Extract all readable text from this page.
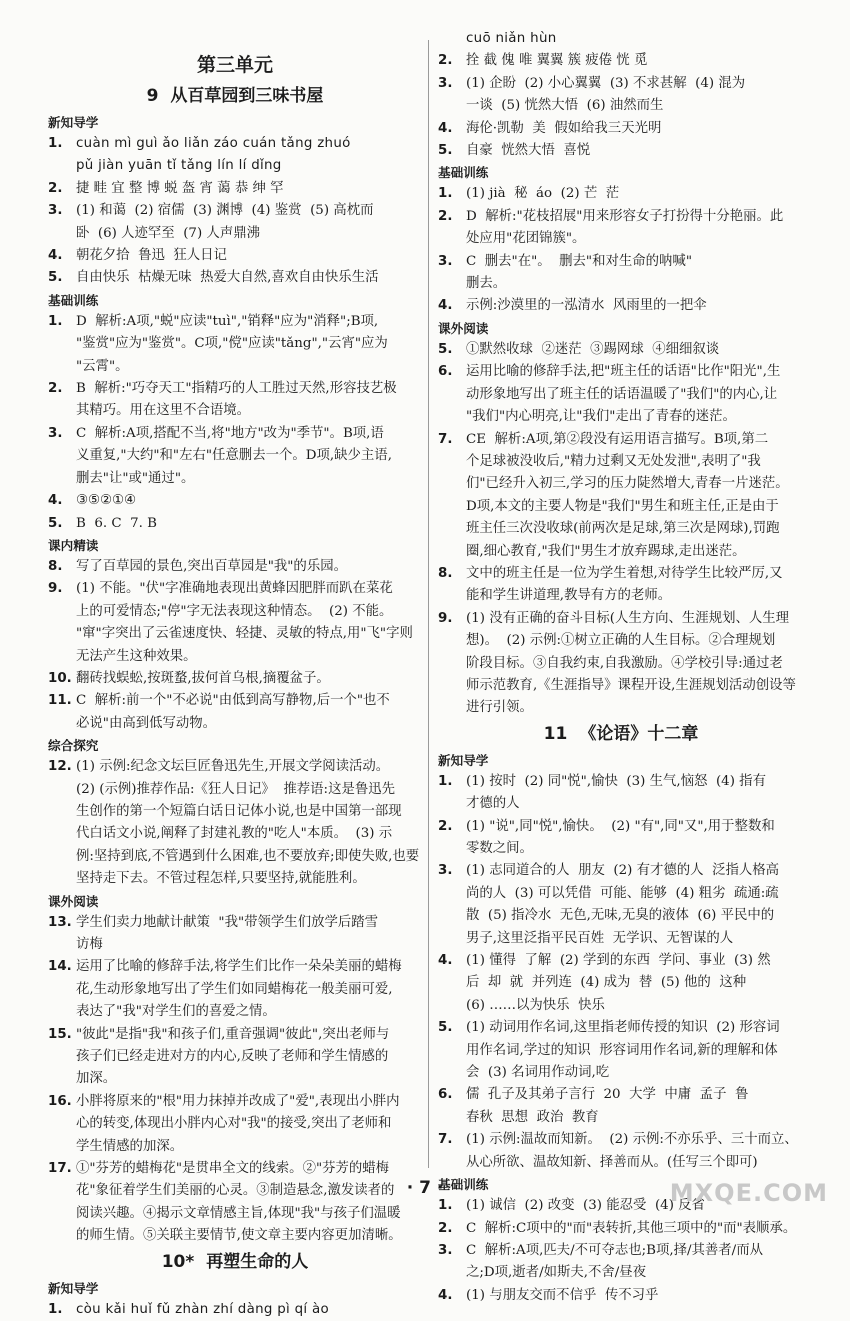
第三单元
9 从百草园到三味书屋
新知导学
1.	cuàn mì guì ǎo liǎn záo cuán tǎng zhuó
pǔ jiàn yuān tǐ tǎng lín lí dǐng
2.	捷 畦 宜 整 博 蜕 盔 宵 蔼 恭 绅 罕
3.	(1) 和蔼  (2) 宿儒  (3) 渊博  (4) 鉴赏  (5) 高枕而
卧  (6) 人迹罕至  (7) 人声鼎沸
4.	朝花夕拾  鲁迅  狂人日记
5.	自由快乐  枯燥无味  热爱大自然,喜欢自由快乐生活
基础训练
1.	D  解析:A项,"蜕"应读"tuì","销释"应为"消释";B项,
"鉴赏"应为"鉴赏"。C项,"傥"应读"tǎng","云宵"应为
"云霄"。
2.	B  解析:"巧夺天工"指精巧的人工胜过天然,形容技艺极
其精巧。用在这里不合语境。
3.	C  解析:A项,搭配不当,将"地方"改为"季节"。B项,语
义重复,"大约"和"左右"任意删去一个。D项,缺少主语,
删去"让"或"通过"。
4.	③⑤②①④
5.	B  6. C  7. B
课内精读
8.	写了百草园的景色,突出百草园是"我"的乐园。
9.	(1) 不能。"伏"字准确地表现出黄蜂因肥胖而趴在菜花
上的可爱情态;"停"字无法表现这种情态。  (2) 不能。
"窜"字突出了云雀速度快、轻捷、灵敏的特点,用"飞"字则
无法产生这种效果。
10. 翻砖找蜈蚣,按斑蝥,拔何首乌根,摘覆盆子。
11. C  解析:前一个"不必说"由低到高写静物,后一个"也不
必说"由高到低写动物。
综合探究
12. (1) 示例:纪念文坛巨匠鲁迅先生,开展文学阅读活动。
(2) (示例)推荐作品:《狂人日记》  推荐语:这是鲁迅先
生创作的第一个短篇白话日记体小说,也是中国第一部现
代白话文小说,阐释了封建礼教的"吃人"本质。  (3) 示
例:坚持到底,不管遇到什么困难,也不要放弃;即使失败,也要
坚持走下去。不管过程怎样,只要坚持,就能胜利。
课外阅读
13. 学生们卖力地献计献策  "我"带领学生们放学后踏雪
访梅
14. 运用了比喻的修辞手法,将学生们比作一朵朵美丽的蜡梅
花,生动形象地写出了学生们如同蜡梅花一般美丽可爱,
表达了"我"对学生们的喜爱之情。
15. "彼此"是指"我"和孩子们,重音强调"彼此",突出老师与
孩子们已经走进对方的内心,反映了老师和学生情感的
加深。
16. 小胖将原来的"根"用力抹掉并改成了"爱",表现出小胖内
心的转变,体现出小胖内心对"我"的接受,突出了老师和
学生情感的加深。
17. ①"芬芳的蜡梅花"是贯串全文的线索。②"芬芳的蜡梅
花"象征着学生们美丽的心灵。③制造悬念,激发读者的
阅读兴趣。④揭示文章情感主旨,体现"我"与孩子们温暖
的师生情。⑤关联主要情节,使文章主要内容更加清晰。
10* 再塑生命的人
新知导学
1.	còu kǎi huǐ fǔ zhàn zhí dàng pì qí ào
cuō niǎn hùn
2.	拴 截 傀 唯 翼翼 簇 疲倦 恍 觅
3.	(1) 企盼  (2) 小心翼翼  (3) 不求甚解  (4) 混为
一谈  (5) 恍然大悟  (6) 油然而生
4.	海伦·凯勒  美  假如给我三天光明
5.	自豪  恍然大悟  喜悦
基础训练
1.	(1) jià  秘  áo  (2) 芒  茫
2.	D  解析:"花枝招展"用来形容女子打扮得十分艳丽。此
处应用"花团锦簇"。
3.	C  删去"在"。  删去"和对生命的呐喊"
删去。
4.	示例:沙漠里的一泓清水  风雨里的一把伞
课外阅读
5.	①默然收球  ②迷茫  ③踢网球  ④细细叙谈
6.	运用比喻的修辞手法,把"班主任的话语"比作"阳光",生
动形象地写出了班主任的话语温暖了"我们"的内心,让
"我们"内心明亮,让"我们"走出了青春的迷茫。
7.	CE  解析:A项,第②段没有运用语言描写。B项,第二
个足球被没收后,"精力过剩又无处发泄",表明了"我
们"已经升入初三,学习的压力陡然增大,青春一片迷茫。
D项,本文的主要人物是"我们"男生和班主任,正是由于
班主任三次没收球(前两次是足球,第三次是网球),罚跑
圈,细心教育,"我们"男生才放弃踢球,走出迷茫。
8.	文中的班主任是一位为学生着想,对待学生比较严厉,又
能和学生讲道理,教导有方的老师。
9.	(1) 没有正确的奋斗目标(人生方向、生涯规划、人生理
想)。  (2) 示例:①树立正确的人生目标。②合理规划
阶段目标。③自我约束,自我激励。④学校引导:通过老
师示范教育,《生涯指导》课程开设,生涯规划活动创设等
进行引领。
11 《论语》十二章
新知导学
1.	(1) 按时  (2) 同"悦",愉快  (3) 生气,恼怒  (4) 指有
才德的人
2.	(1) "说",同"悦",愉快。  (2) "有",同"又",用于整数和
零数之间。
3.	(1) 志同道合的人  朋友  (2) 有才德的人  泛指人格高
尚的人  (3) 可以凭借  可能、能够  (4) 粗劣  疏通:疏
散  (5) 指冷水  无色,无味,无臭的液体  (6) 平民中的
男子,这里泛指平民百姓  无学识、无智谋的人
4.	(1) 懂得  了解  (2) 学到的东西  学问、事业  (3) 然
后  却  就  并列连  (4) 成为  替  (5) 他的  这种
(6) ……以为快乐  快乐
5.	(1) 动词用作名词,这里指老师传授的知识  (2) 形容词
用作名词,学过的知识  形容词用作名词,新的理解和体
会  (3) 名词用作动词,吃
6.	儒  孔子及其弟子言行  20  大学  中庸  孟子  鲁
春秋  思想  政治  教育
7.	(1) 示例:温故而知新。  (2) 示例:不亦乐乎、三十而立、
从心所欲、温故知新、择善而从。(任写三个即可)
基础训练
1.	(1) 诚信  (2) 改变  (3) 能忍受  (4) 反省
2.	C  解析:C项中的"而"表转折,其他三项中的"而"表顺承。
3.	C  解析:A项,匹夫/不可夺志也;B项,择/其善者/而从
之;D项,逝者/如斯夫,不舍/昼夜
4.	(1) 与朋友交而不信乎  传不习乎
· 7 ·	MXQE.COM
